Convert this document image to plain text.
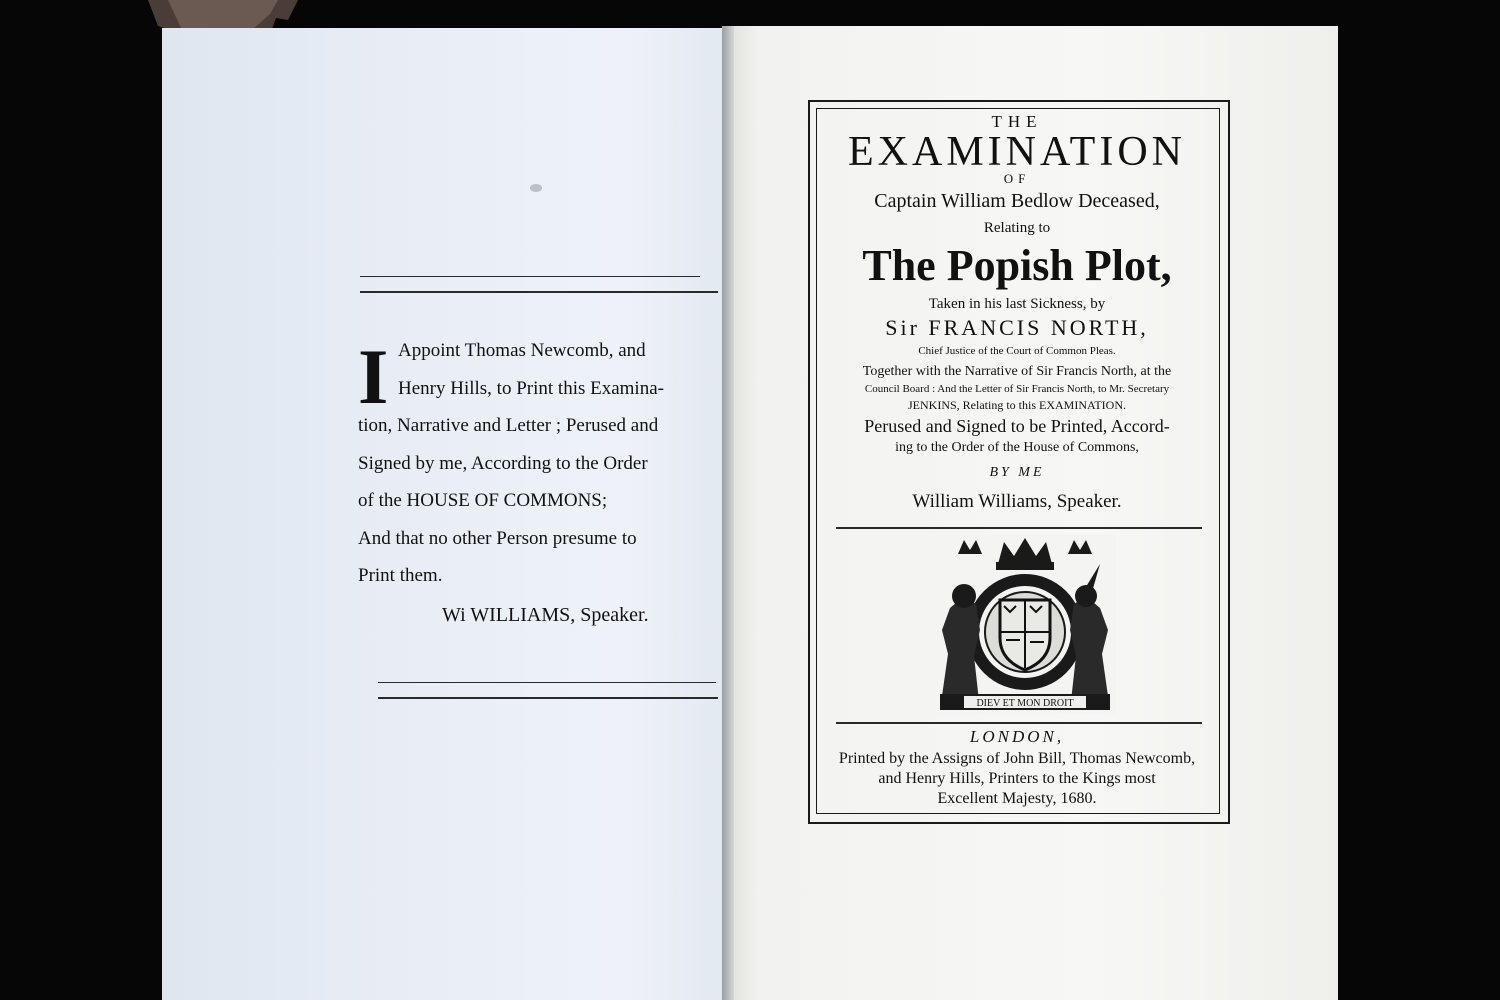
I Appoint Thomas Newcomb, and
Henry Hills, to Print this Examina-
tion, Narrative and Letter ; Perused and
Signed by me, According to the Order
of the HOUSE OF COMMONS;
And that no other Person presume to
Print them.
Wi WILLIAMS, Speaker.
THE
EXAMINATION
OF
Captain William Bedlow Deceased,
Relating to
The Popish Plot,
Taken in his last Sickness, by
Sir FRANCIS NORTH,
Chief Justice of the Court of Common Pleas.
Together with the Narrative of Sir Francis North, at the
Council Board : And the Letter of Sir Francis North, to Mr. Secretary
JENKINS, Relating to this EXAMINATION.
Perused and Signed to be Printed, Accord-
ing to the Order of the House of Commons,
BY ME
William Williams, Speaker.
DIEV ET MON DROIT
LONDON,
Printed by the Assigns of John Bill, Thomas Newcomb,
and Henry Hills, Printers to the Kings most
Excellent Majesty, 1680.
